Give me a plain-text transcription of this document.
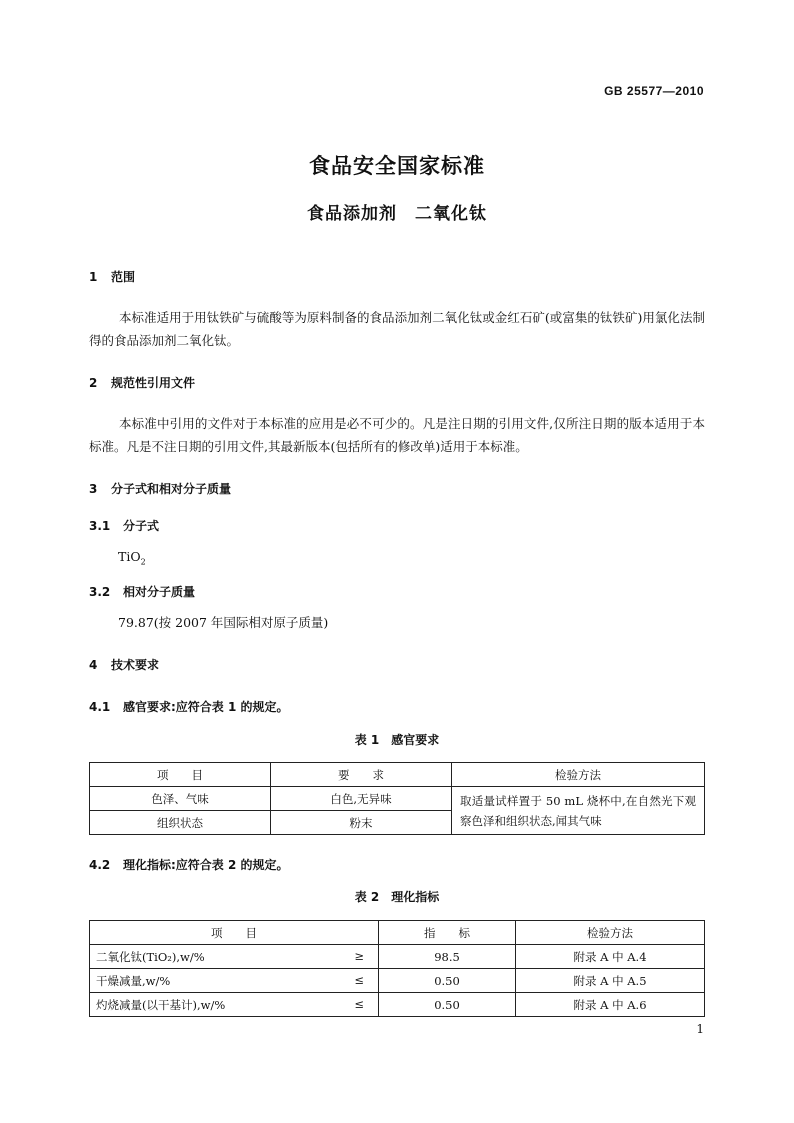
GB 25577—2010
食品安全国家标准
食品添加剂　二氧化钛
1 范围
本标准适用于用钛铁矿与硫酸等为原料制备的食品添加剂二氧化钛或金红石矿(或富集的钛铁矿)用氯化法制得的食品添加剂二氧化钛。
2 规范性引用文件
本标准中引用的文件对于本标准的应用是必不可少的。凡是注日期的引用文件,仅所注日期的版本适用于本标准。凡是不注日期的引用文件,其最新版本(包括所有的修改单)适用于本标准。
3 分子式和相对分子质量
3.1 分子式
TiO$_2$
3.2 相对分子质量
79.87(按 2007 年国际相对原子质量)
4 技术要求
4.1 感官要求:应符合表 1 的规定。
表 1　感官要求
项　　目	要　　求	检验方法
色泽、气味	白色,无异味	取适量试样置于 50 mL 烧杯中,在自然光下观察色泽和组织状态,闻其气味
组织状态	粉末	
4.2 理化指标:应符合表 2 的规定。
表 2　理化指标
项　　目	指　　标	检验方法
二氧化钛(TiO₂),w/% ≥	98.5	附录 A 中 A.4
干燥减量,w/% ≤	0.50	附录 A 中 A.5
灼烧减量(以干基计),w/% ≤	0.50	附录 A 中 A.6
1
